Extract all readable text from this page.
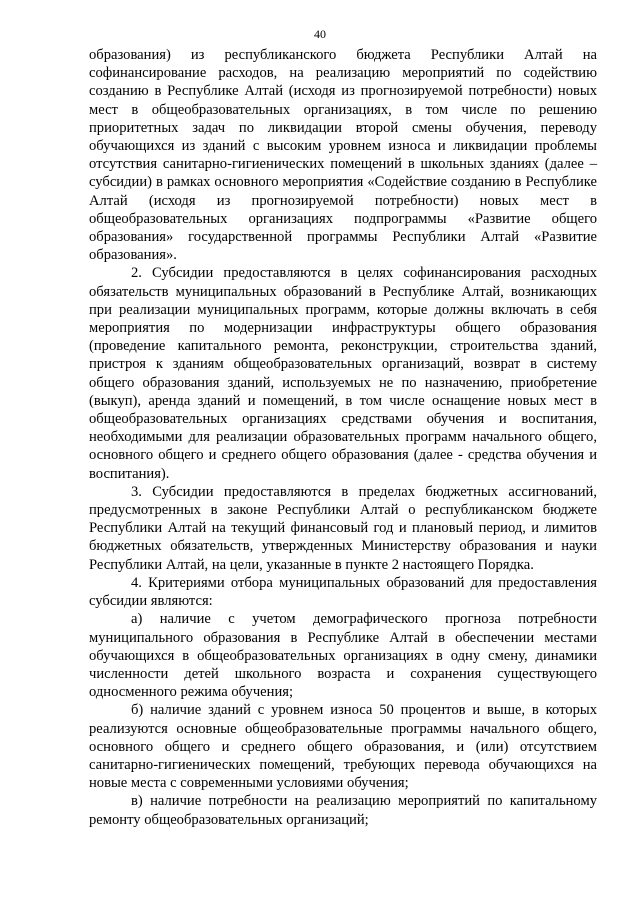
40

образования) из республиканского бюджета Республики Алтай на софинансирование расходов, на реализацию мероприятий по содействию созданию в Республике Алтай (исходя из прогнозируемой потребности) новых мест в общеобразовательных организациях, в том числе по решению приоритетных задач по ликвидации второй смены обучения, переводу обучающихся из зданий с высоким уровнем износа и ликвидации проблемы отсутствия санитарно-гигиенических помещений в школьных зданиях (далее – субсидии) в рамках основного мероприятия «Содействие созданию в Республике Алтай (исходя из прогнозируемой потребности) новых мест в общеобразовательных организациях подпрограммы «Развитие общего образования» государственной программы Республики Алтай «Развитие образования».

2. Субсидии предоставляются в целях софинансирования расходных обязательств муниципальных образований в Республике Алтай, возникающих при реализации муниципальных программ, которые должны включать в себя мероприятия по модернизации инфраструктуры общего образования (проведение капитального ремонта, реконструкции, строительства зданий, пристроя к зданиям общеобразовательных организаций, возврат в систему общего образования зданий, используемых не по назначению, приобретение (выкуп), аренда зданий и помещений, в том числе оснащение новых мест в общеобразовательных организациях средствами обучения и воспитания, необходимыми для реализации образовательных программ начального общего, основного общего и среднего общего образования (далее - средства обучения и воспитания).

3. Субсидии предоставляются в пределах бюджетных ассигнований, предусмотренных в законе Республики Алтай о республиканском бюджете Республики Алтай на текущий финансовый год и плановый период, и лимитов бюджетных обязательств, утвержденных Министерству образования и науки Республики Алтай, на цели, указанные в пункте 2 настоящего Порядка.

4. Критериями отбора муниципальных образований для предоставления субсидии являются:

а) наличие с учетом демографического прогноза потребности муниципального образования в Республике Алтай в обеспечении местами обучающихся в общеобразовательных организациях в одну смену, динамики численности детей школьного возраста и сохранения существующего односменного режима обучения;

б) наличие зданий с уровнем износа 50 процентов и выше, в которых реализуются основные общеобразовательные программы начального общего, основного общего и среднего общего образования, и (или) отсутствием санитарно-гигиенических помещений, требующих перевода обучающихся на новые места с современными условиями обучения;

в) наличие потребности на реализацию мероприятий по капитальному ремонту общеобразовательных организаций;
